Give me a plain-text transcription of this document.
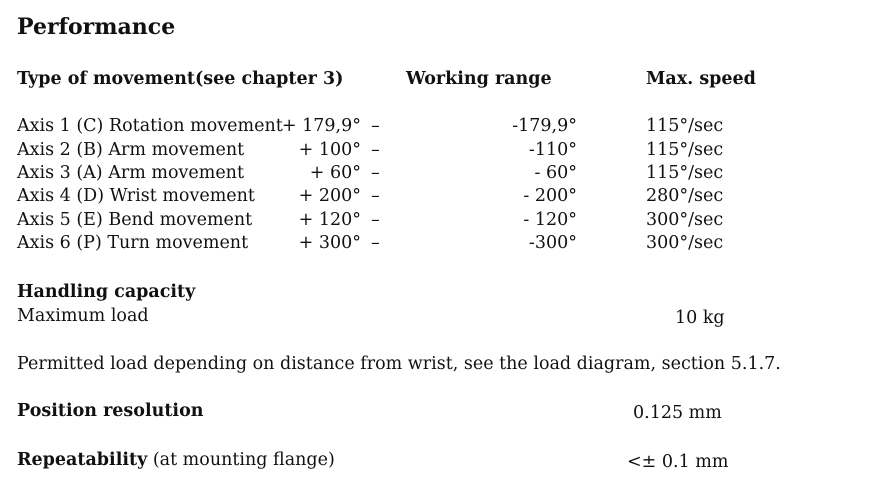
Performance
Type of movement(see chapter 3)	Working range	Max. speed
Axis 1 (C) Rotation movement + 179,9° –	-179,9°	115°/sec
Axis 2 (B) Arm movement	+ 100° –	-110°	115°/sec
Axis 3 (A) Arm movement	+ 60° –	- 60°	115°/sec
Axis 4 (D) Wrist movement + 200° –	- 200°	280°/sec
Axis 5 (E) Bend movement	+ 120° –	- 120°	300°/sec
Axis 6 (P) Turn movement	+ 300° –	-300°	300°/sec
Handling capacity
Maximum load	10 kg
Permitted load depending on distance from wrist, see the load diagram, section 5.1.7.
Position resolution	0.125 mm
Repeatability (at mounting flange)	<± 0.1 mm
